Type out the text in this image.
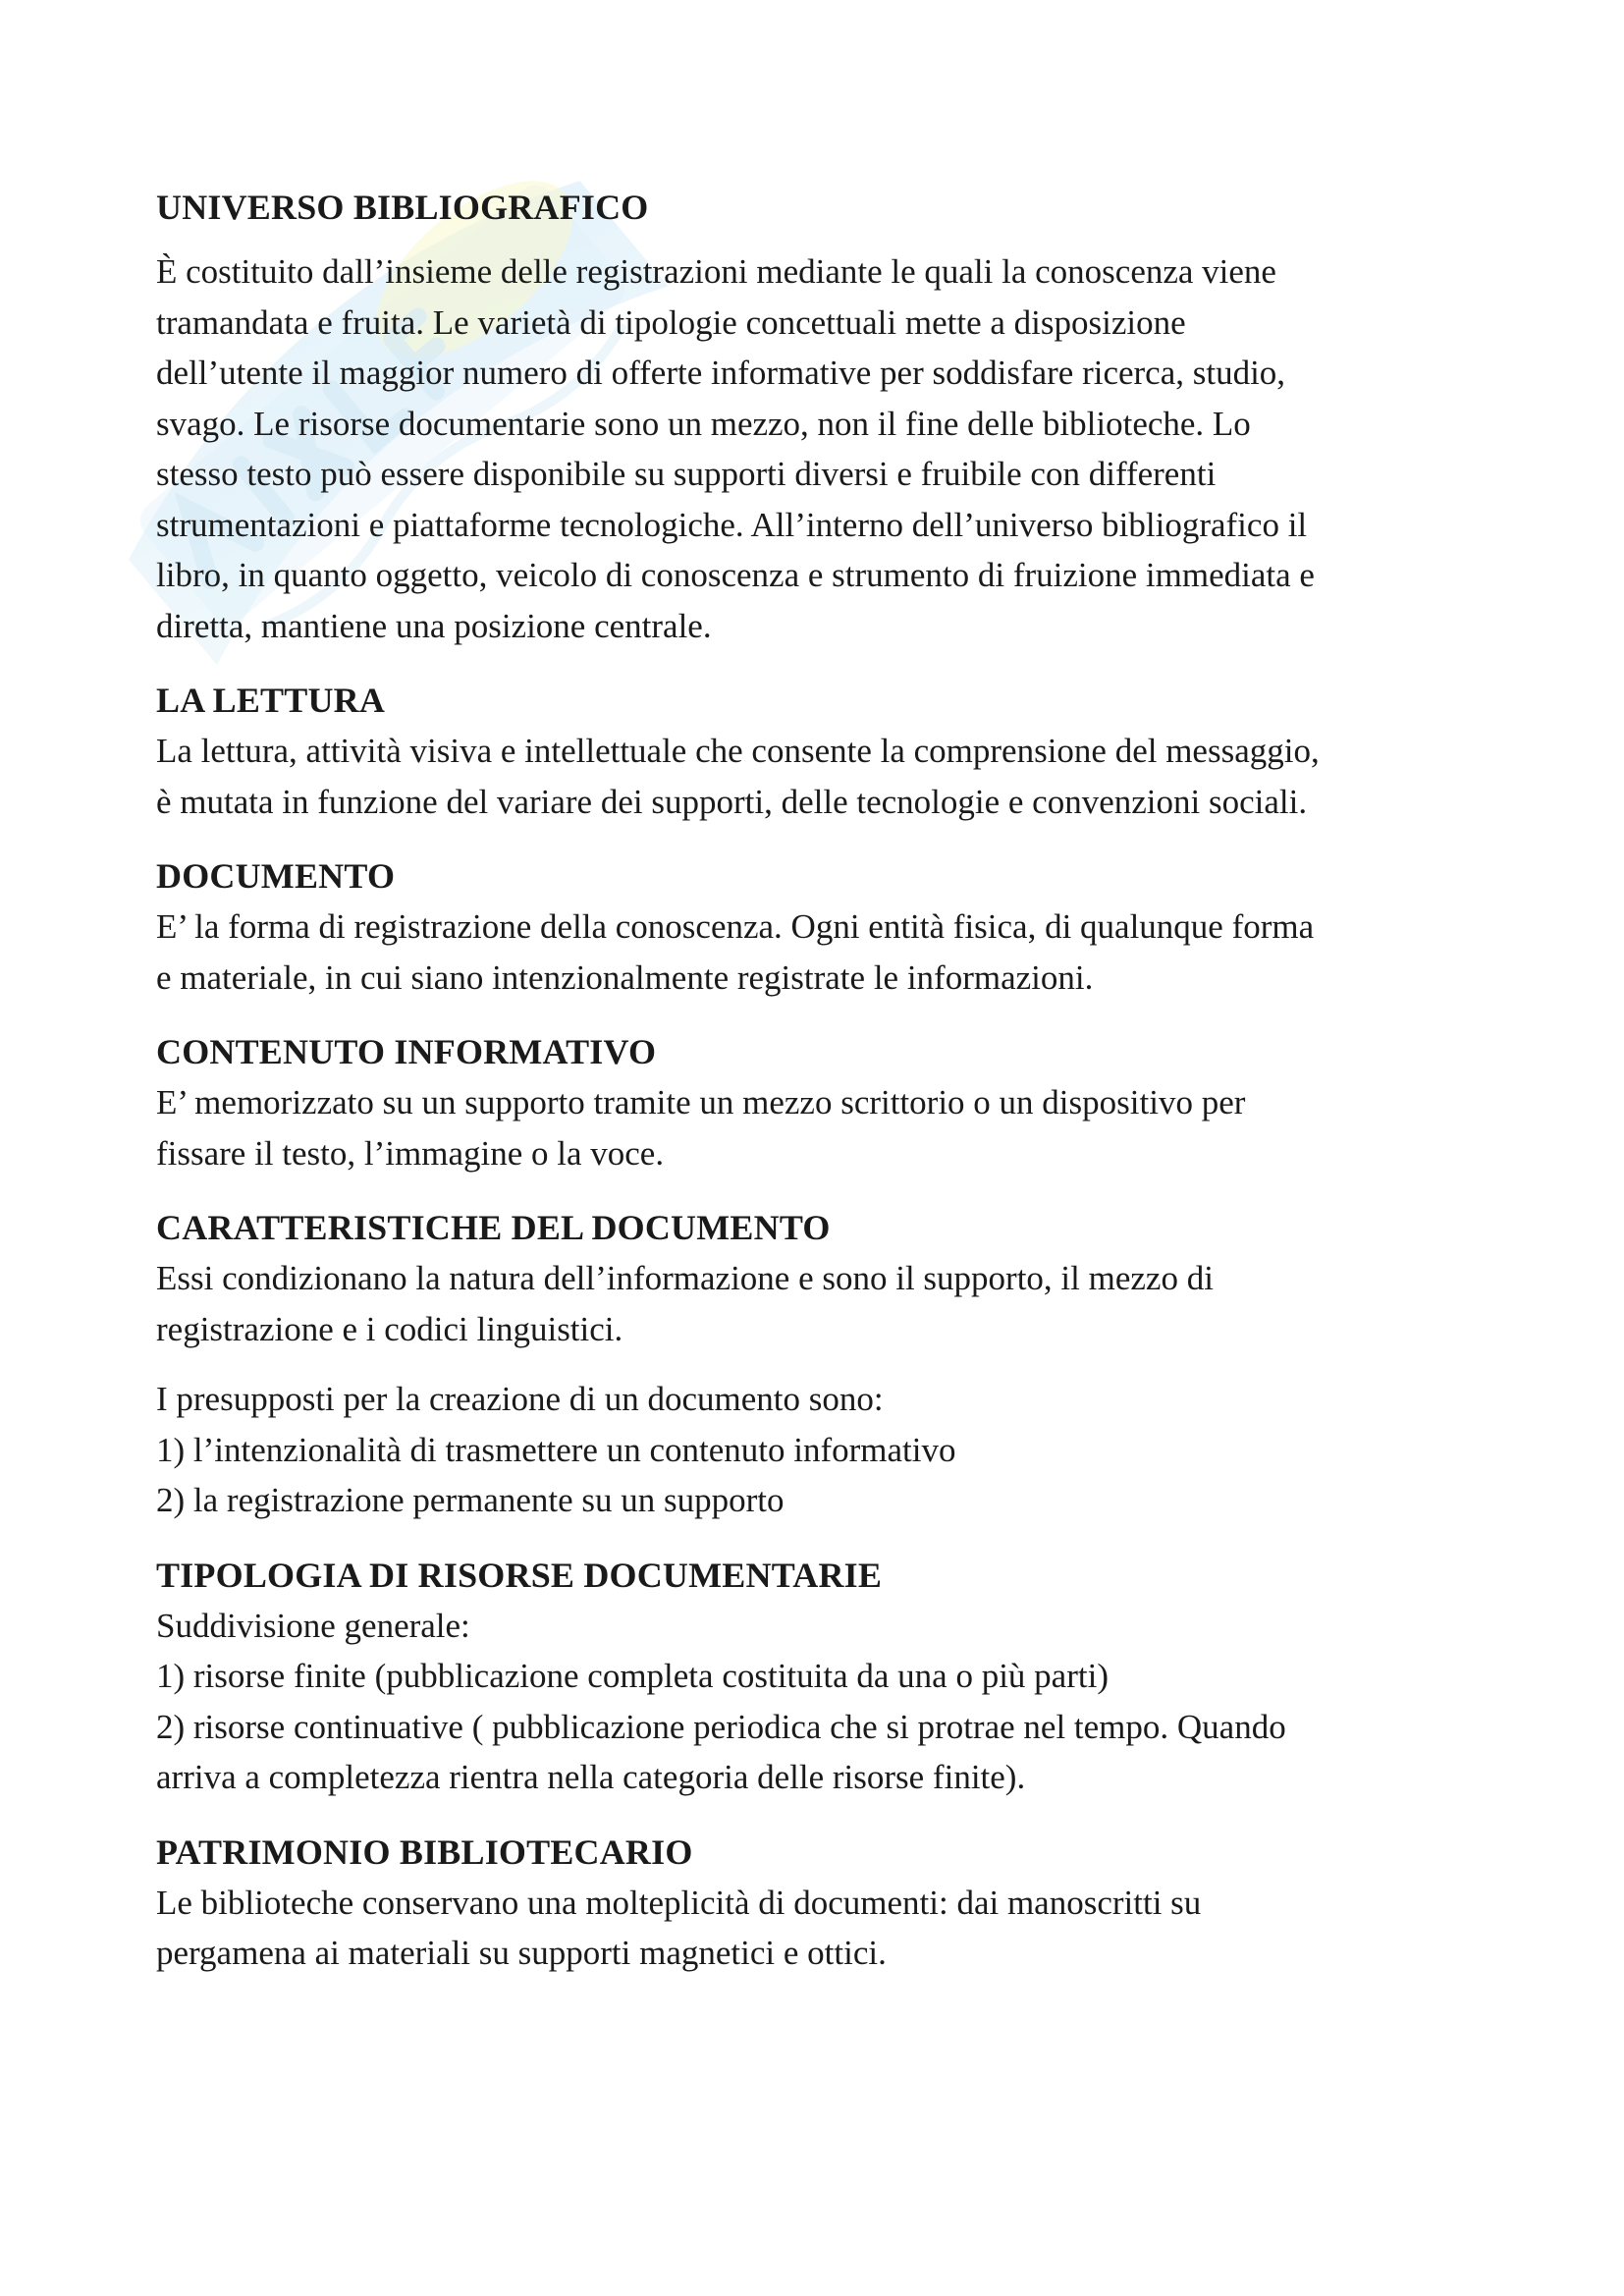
UNIVERSO BIBLIOGRAFICO

È costituito dall’insieme delle registrazioni mediante le quali la conoscenza viene
tramandata e fruita. Le varietà di tipologie concettuali mette a disposizione
dell’utente il maggior numero di offerte informative per soddisfare ricerca, studio,
svago. Le risorse documentarie sono un mezzo, non il fine delle biblioteche. Lo
stesso testo può essere disponibile su supporti diversi e fruibile con differenti
strumentazioni e piattaforme tecnologiche. All’interno dell’universo bibliografico il
libro, in quanto oggetto, veicolo di conoscenza e strumento di fruizione immediata e
diretta, mantiene una posizione centrale.

LA LETTURA

La lettura, attività visiva e intellettuale che consente la comprensione del messaggio,
è mutata in funzione del variare dei supporti, delle tecnologie e convenzioni sociali.

DOCUMENTO

E’ la forma di registrazione della conoscenza. Ogni entità fisica, di qualunque forma
e materiale, in cui siano intenzionalmente registrate le informazioni.

CONTENUTO INFORMATIVO

E’ memorizzato su un supporto tramite un mezzo scrittorio o un dispositivo per
fissare il testo, l’immagine o la voce.

CARATTERISTICHE DEL DOCUMENTO

Essi condizionano la natura dell’informazione e sono il supporto, il mezzo di
registrazione e i codici linguistici.

I presupposti per la creazione di un documento sono:
1) l’intenzionalità di trasmettere un contenuto informativo
2) la registrazione permanente su un supporto

TIPOLOGIA DI RISORSE DOCUMENTARIE

Suddivisione generale:
1) risorse finite (pubblicazione completa costituita da una o più parti)
2) risorse continuative ( pubblicazione periodica che si protrae nel tempo. Quando
arriva a completezza rientra nella categoria delle risorse finite).

PATRIMONIO BIBLIOTECARIO

Le biblioteche conservano una molteplicità di documenti: dai manoscritti su
pergamena ai materiali su supporti magnetici e ottici.
